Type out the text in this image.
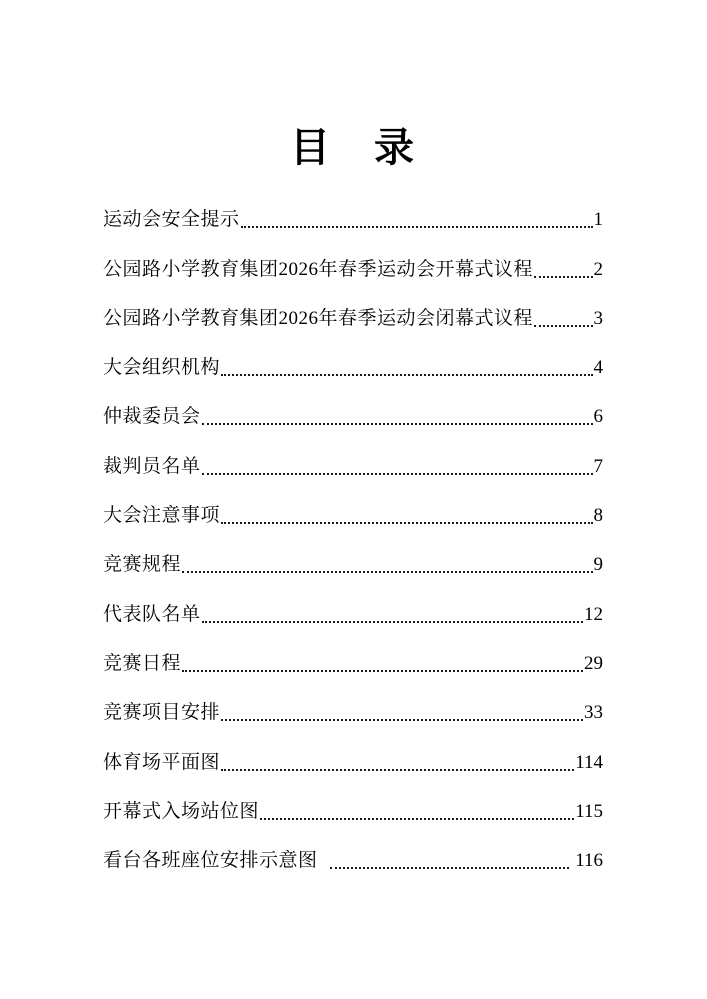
目　录
运动会安全提示	1
公园路小学教育集团2026年春季运动会开幕式议程	2
公园路小学教育集团2026年春季运动会闭幕式议程	3
大会组织机构	4
仲裁委员会	6
裁判员名单	7
大会注意事项	8
竞赛规程	9
代表队名单	12
竞赛日程	29
竞赛项目安排	33
体育场平面图	114
开幕式入场站位图	115
看台各班座位安排示意图	116
